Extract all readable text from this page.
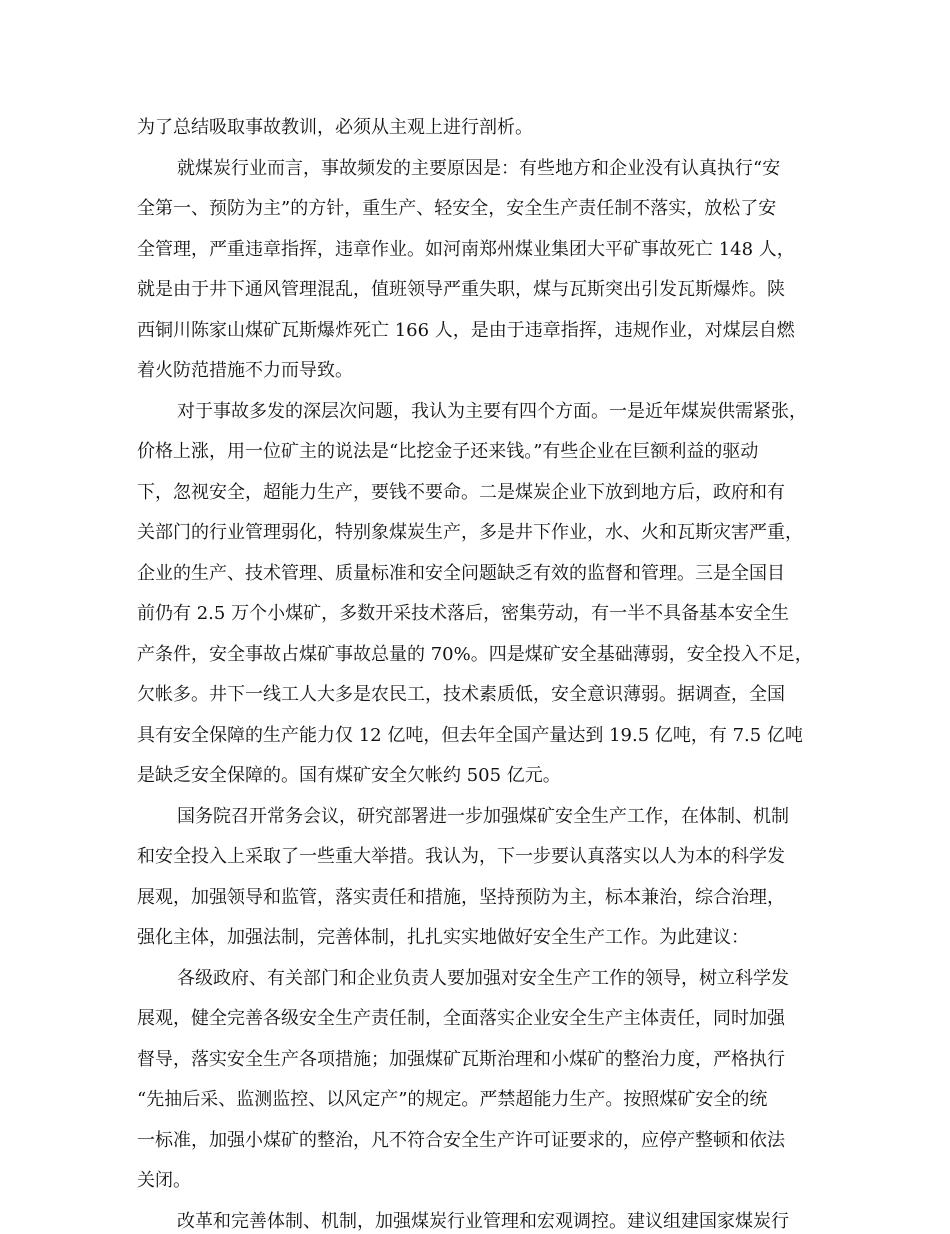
为了总结吸取事故教训，必须从主观上进行剖析。

就煤炭行业而言，事故频发的主要原因是：有些地方和企业没有认真执行“安

全第一、预防为主”的方针，重生产、轻安全，安全生产责任制不落实，放松了安

全管理，严重违章指挥，违章作业。如河南郑州煤业集团大平矿事故死亡 148 人，

就是由于井下通风管理混乱，值班领导严重失职，煤与瓦斯突出引发瓦斯爆炸。陕

西铜川陈家山煤矿瓦斯爆炸死亡 166 人，是由于违章指挥，违规作业，对煤层自燃

着火防范措施不力而导致。

对于事故多发的深层次问题，我认为主要有四个方面。一是近年煤炭供需紧张，

价格上涨，用一位矿主的说法是“比挖金子还来钱。”有些企业在巨额利益的驱动

下，忽视安全，超能力生产，要钱不要命。二是煤炭企业下放到地方后，政府和有

关部门的行业管理弱化，特别象煤炭生产，多是井下作业，水、火和瓦斯灾害严重，

企业的生产、技术管理、质量标准和安全问题缺乏有效的监督和管理。三是全国目

前仍有 2.5 万个小煤矿，多数开采技术落后，密集劳动，有一半不具备基本安全生

产条件，安全事故占煤矿事故总量的 70%。四是煤矿安全基础薄弱，安全投入不足，

欠帐多。井下一线工人大多是农民工，技术素质低，安全意识薄弱。据调查，全国

具有安全保障的生产能力仅 12 亿吨，但去年全国产量达到 19.5 亿吨，有 7.5 亿吨

是缺乏安全保障的。国有煤矿安全欠帐约 505 亿元。

国务院召开常务会议，研究部署进一步加强煤矿安全生产工作，在体制、机制

和安全投入上采取了一些重大举措。我认为，下一步要认真落实以人为本的科学发

展观，加强领导和监管，落实责任和措施，坚持预防为主，标本兼治，综合治理，

强化主体，加强法制，完善体制，扎扎实实地做好安全生产工作。为此建议：

各级政府、有关部门和企业负责人要加强对安全生产工作的领导，树立科学发

展观，健全完善各级安全生产责任制，全面落实企业安全生产主体责任，同时加强

督导，落实安全生产各项措施；加强煤矿瓦斯治理和小煤矿的整治力度，严格执行

“先抽后采、监测监控、以风定产”的规定。严禁超能力生产。按照煤矿安全的统

一标准，加强小煤矿的整治，凡不符合安全生产许可证要求的，应停产整顿和依法

关闭。

改革和完善体制、机制，加强煤炭行业管理和宏观调控。建议组建国家煤炭行
